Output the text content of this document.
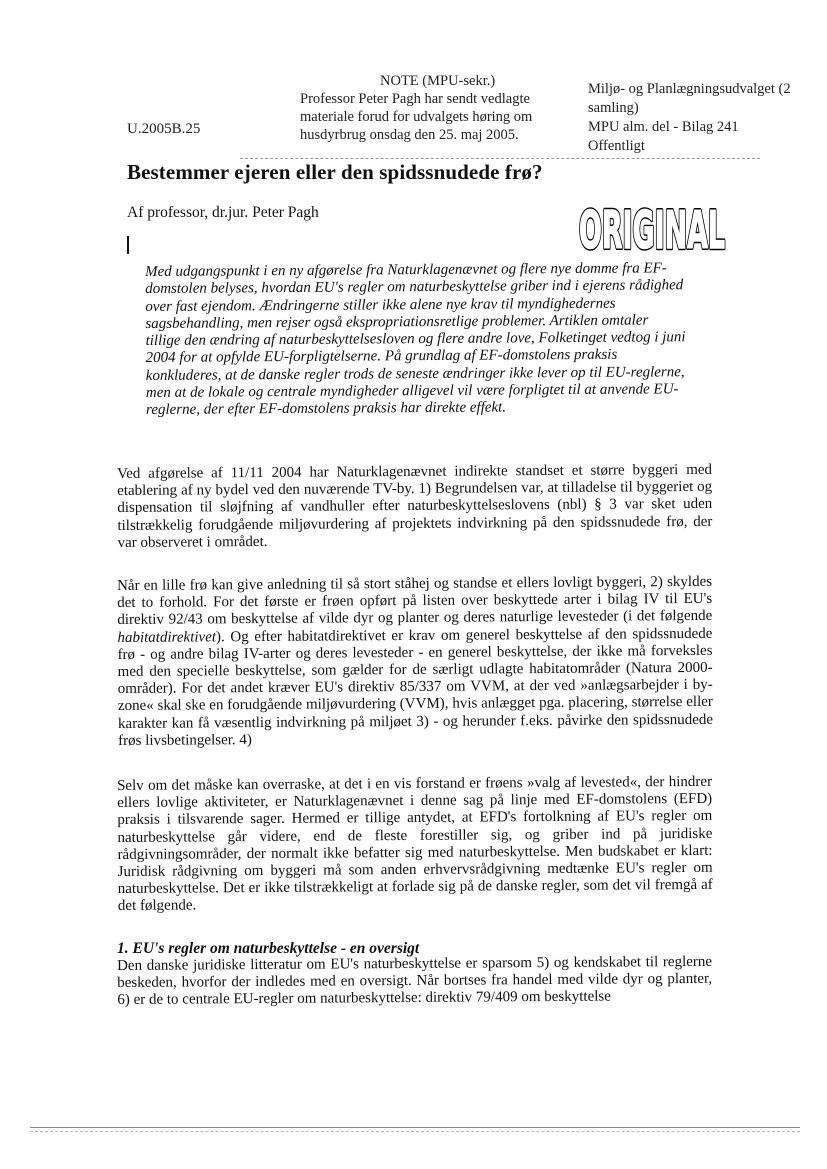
NOTE (MPU-sekr.)
Professor Peter Pagh har sendt vedlagte materiale forud for udvalgets høring om husdyrbrug onsdag den 25. maj 2005.
Miljø- og Planlægningsudvalget (2
samling)
MPU alm. del - Bilag 241
Offentligt
U.2005B.25
Bestemmer ejeren eller den spidssnudede frø?
Af professor, dr.jur. Peter Pagh	ORIGINAL
ORIGINAL
Med udgangspunkt i en ny afgørelse fra Naturklagenævnet og flere nye domme fra EF-domstolen belyses, hvordan EU's regler om naturbeskyttelse griber ind i ejerens rådighed over fast ejendom. Ændringerne stiller ikke alene nye krav til myndighedernes sagsbehandling, men rejser også ekspropriationsretlige problemer. Artiklen omtaler tillige den ændring af naturbeskyttelsesloven og flere andre love, Folketinget vedtog i juni 2004 for at opfylde EU-forpligtelserne. På grundlag af EF-domstolens praksis konkluderes, at de danske regler trods de seneste ændringer ikke lever op til EU-reglerne, men at de lokale og centrale myndigheder alligevel vil være forpligtet til at anvende EU-reglerne, der efter EF-domstolens praksis har direkte effekt.

Ved afgørelse af 11/11 2004 har Naturklagenævnet indirekte standset et større byggeri med etablering af ny bydel ved den nuværende TV-by. 1) Begrundelsen var, at tilladelse til byggeriet og dispensation til sløjfning af vandhuller efter naturbeskyttelseslovens (nbl) § 3 var sket uden tilstrækkelig forudgående miljøvurdering af projektets indvirkning på den spidssnudede frø, der var observeret i området.

Når en lille frø kan give anledning til så stort ståhej og standse et ellers lovligt byggeri, 2) skyldes det to forhold. For det første er frøen opført på listen over beskyttede arter i bilag IV til EU's direktiv 92/43 om beskyttelse af vilde dyr og planter og deres naturlige levesteder (i det følgende habitatdirektivet). Og efter habitatdirektivet er krav om generel beskyttelse af den spidssnudede frø - og andre bilag IV-arter og deres levesteder - en generel beskyttelse, der ikke må forveksles med den specielle beskyttelse, som gælder for de særligt udlagte habitatområder (Natura 2000-områder). For det andet kræver EU's direktiv 85/337 om VVM, at der ved »anlægsarbejder i by-zone« skal ske en forudgående miljøvurdering (VVM), hvis anlægget pga. placering, størrelse eller karakter kan få væsentlig indvirkning på miljøet 3) - og herunder f.eks. påvirke den spidssnudede frøs livsbetingelser. 4)

Selv om det måske kan overraske, at det i en vis forstand er frøens »valg af levested«, der hindrer ellers lovlige aktiviteter, er Naturklagenævnet i denne sag på linje med EF-domstolens (EFD) praksis i tilsvarende sager. Hermed er tillige antydet, at EFD's fortolkning af EU's regler om naturbeskyttelse går videre, end de fleste forestiller sig, og griber ind på juridiske rådgivningsområder, der normalt ikke befatter sig med naturbeskyttelse. Men budskabet er klart: Juridisk rådgivning om byggeri må som anden erhvervsrådgivning medtænke EU's regler om naturbeskyttelse. Det er ikke tilstrækkeligt at forlade sig på de danske regler, som det vil fremgå af det følgende.

1. EU's regler om naturbeskyttelse - en oversigt

Den danske juridiske litteratur om EU's naturbeskyttelse er sparsom 5) og kendskabet til reglerne beskeden, hvorfor der indledes med en oversigt. Når bortses fra handel med vilde dyr og planter, 6) er de to centrale EU-regler om naturbeskyttelse: direktiv 79/409 om beskyttelse
